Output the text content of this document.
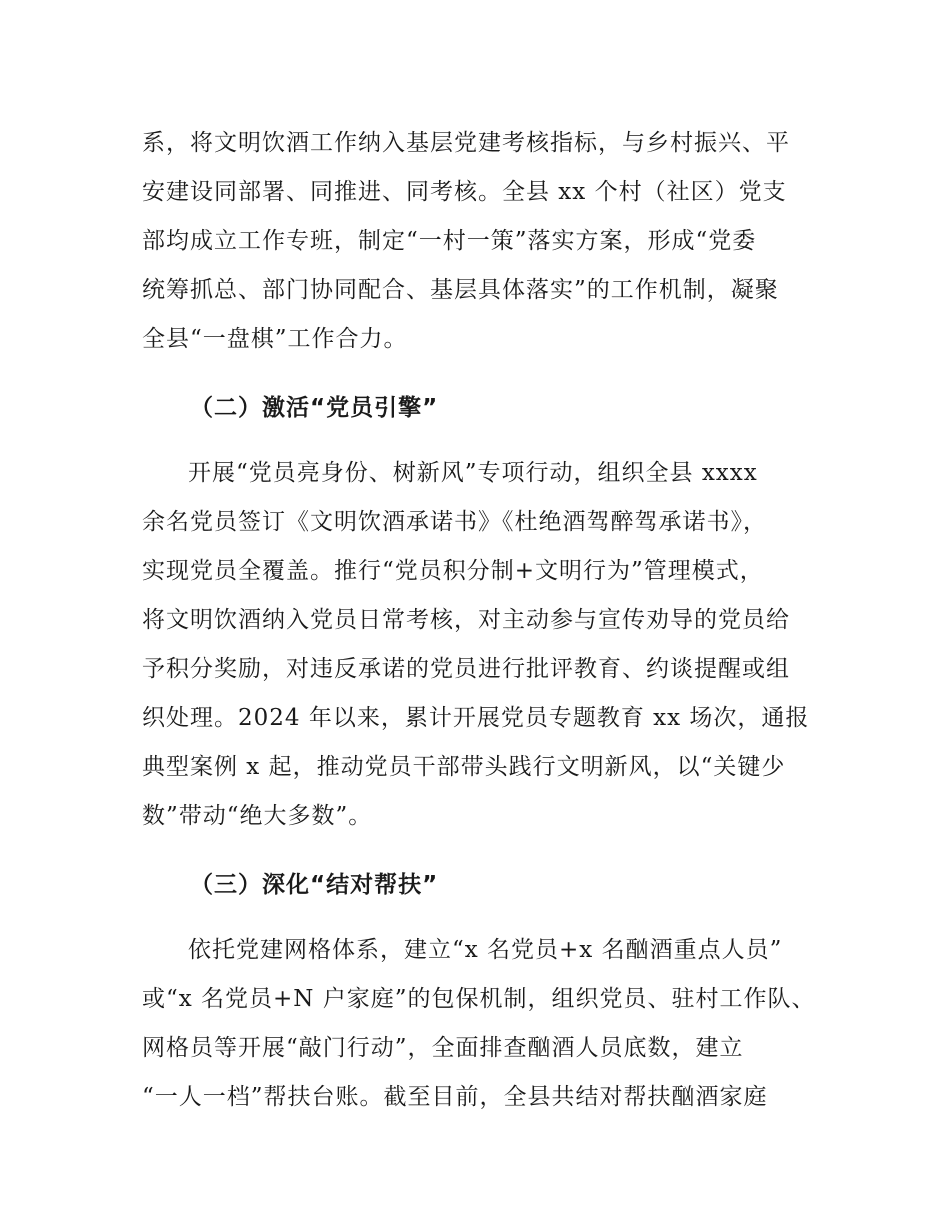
系，将文明饮酒工作纳入基层党建考核指标，与乡村振兴、平
安建设同部署、同推进、同考核。全县 xx 个村（社区）党支
部均成立工作专班，制定“一村一策”落实方案，形成“党委
统筹抓总、部门协同配合、基层具体落实”的工作机制，凝聚
全县“一盘棋”工作合力。
（二）激活“党员引擎”
开展“党员亮身份、树新风”专项行动，组织全县 xxxx
余名党员签订《文明饮酒承诺书》《杜绝酒驾醉驾承诺书》，
实现党员全覆盖。推行“党员积分制+文明行为”管理模式，
将文明饮酒纳入党员日常考核，对主动参与宣传劝导的党员给
予积分奖励，对违反承诺的党员进行批评教育、约谈提醒或组
织处理。2024 年以来，累计开展党员专题教育 xx 场次，通报
典型案例 x 起，推动党员干部带头践行文明新风，以“关键少
数”带动“绝大多数”。
（三）深化“结对帮扶”
依托党建网格体系，建立“x 名党员+x 名酗酒重点人员”
或“x 名党员+N 户家庭”的包保机制，组织党员、驻村工作队、
网格员等开展“敲门行动”，全面排查酗酒人员底数，建立
“一人一档”帮扶台账。截至目前，全县共结对帮扶酗酒家庭
